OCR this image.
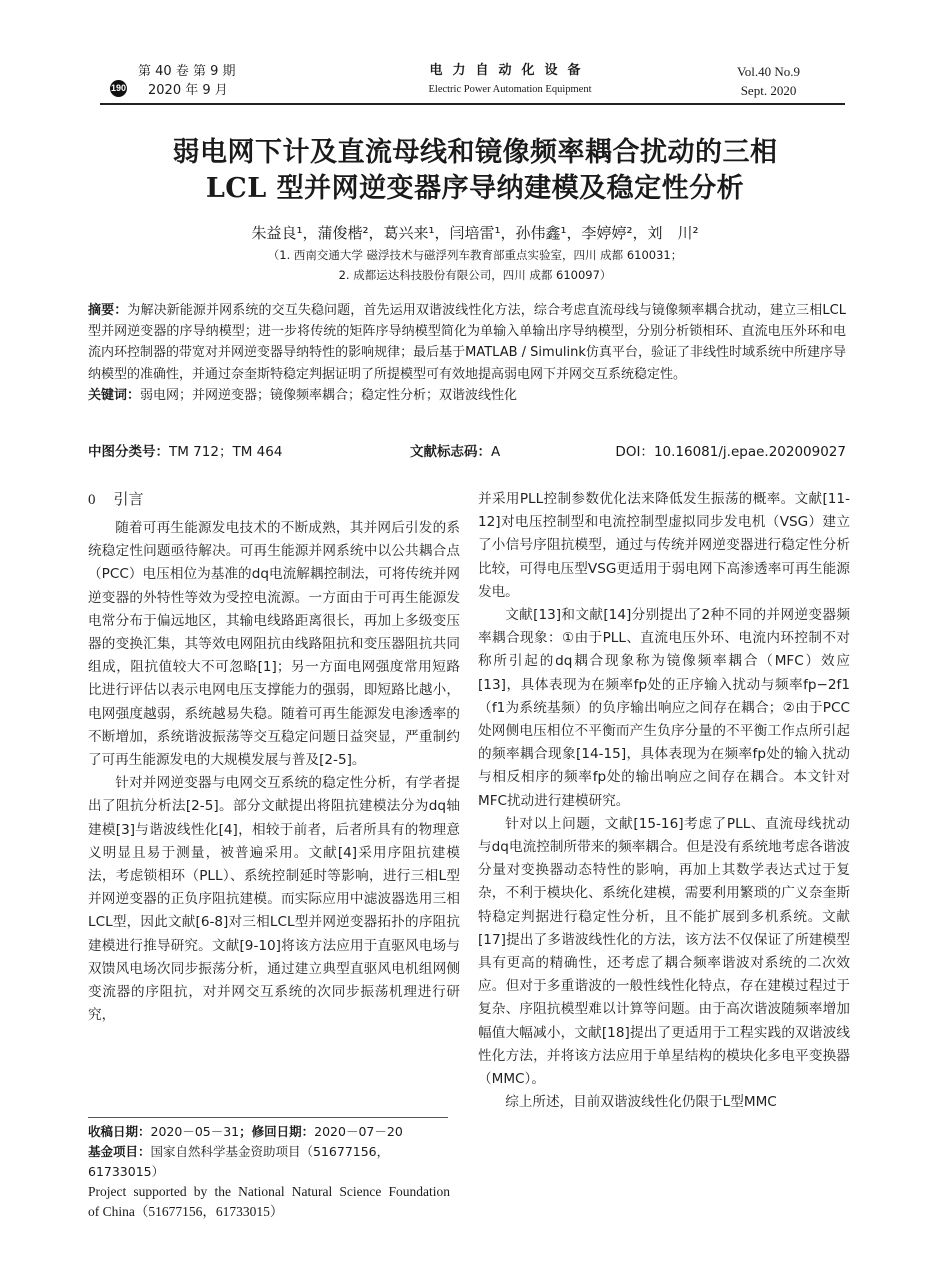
190
第 40 卷 第 9 期
2020 年 9 月
电力自动化设备
Electric Power Automation Equipment
Vol.40 No.9
Sept. 2020
弱电网下计及直流母线和镜像频率耦合扰动的三相
LCL 型并网逆变器序导纳建模及稳定性分析
朱益良¹，蒲俊楷²，葛兴来¹，闫培雷¹，孙伟鑫¹，李婷婷²，刘　川²
（1. 西南交通大学 磁浮技术与磁浮列车教育部重点实验室，四川 成都 610031；
2. 成都运达科技股份有限公司，四川 成都 610097）
摘要：为解决新能源并网系统的交互失稳问题，首先运用双谐波线性化方法，综合考虑直流母线与镜像频率耦合扰动，建立三相LCL型并网逆变器的序导纳模型；进一步将传统的矩阵序导纳模型简化为单输入单输出序导纳模型，分别分析锁相环、直流电压外环和电流内环控制器的带宽对并网逆变器导纳特性的影响规律；最后基于MATLAB / Simulink仿真平台，验证了非线性时域系统中所建序导纳模型的准确性，并通过奈奎斯特稳定判据证明了所提模型可有效地提高弱电网下并网交互系统稳定性。
关键词：弱电网；并网逆变器；镜像频率耦合；稳定性分析；双谐波线性化
中图分类号：TM 712；TM 464	文献标志码：A	DOI：10.16081/j.epae.202009027
0 引言

随着可再生能源发电技术的不断成熟，其并网后引发的系统稳定性问题亟待解决。可再生能源并网系统中以公共耦合点（PCC）电压相位为基准的dq电流解耦控制法，可将传统并网逆变器的外特性等效为受控电流源。一方面由于可再生能源发电常分布于偏远地区，其输电线路距离很长，再加上多级变压器的变换汇集，其等效电网阻抗由线路阻抗和变压器阻抗共同组成，阻抗值较大不可忽略[1]；另一方面电网强度常用短路比进行评估以表示电网电压支撑能力的强弱，即短路比越小，电网强度越弱，系统越易失稳。随着可再生能源发电渗透率的不断增加，系统谐波振荡等交互稳定问题日益突显，严重制约了可再生能源发电的大规模发展与普及[2-5]。

针对并网逆变器与电网交互系统的稳定性分析，有学者提出了阻抗分析法[2-5]。部分文献提出将阻抗建模法分为dq轴建模[3]与谐波线性化[4]，相较于前者，后者所具有的物理意义明显且易于测量，被普遍采用。文献[4]采用序阻抗建模法，考虑锁相环（PLL）、系统控制延时等影响，进行三相L型并网逆变器的正负序阻抗建模。而实际应用中滤波器选用三相LCL型，因此文献[6-8]对三相LCL型并网逆变器拓扑的序阻抗建模进行推导研究。文献[9-10]将该方法应用于直驱风电场与双馈风电场次同步振荡分析，通过建立典型直驱风电机组网侧变流器的序阻抗，对并网交互系统的次同步振荡机理进行研究，

收稿日期：2020－05－31；修回日期：2020－07－20
基金项目：国家自然科学基金资助项目（51677156，61733015）
Project supported by the National Natural Science Foundation
of China（51677156，61733015）

并采用PLL控制参数优化法来降低发生振荡的概率。文献[11-12]对电压控制型和电流控制型虚拟同步发电机（VSG）建立了小信号序阻抗模型，通过与传统并网逆变器进行稳定性分析比较，可得电压型VSG更适用于弱电网下高渗透率可再生能源发电。

文献[13]和文献[14]分别提出了2种不同的并网逆变器频率耦合现象：①由于PLL、直流电压外环、电流内环控制不对称所引起的dq耦合现象称为镜像频率耦合（MFC）效应[13]，具体表现为在频率fp处的正序输入扰动与频率fp−2f1（f1为系统基频）的负序输出响应之间存在耦合；②由于PCC处网侧电压相位不平衡而产生负序分量的不平衡工作点所引起的频率耦合现象[14-15]，具体表现为在频率fp处的输入扰动与相反相序的频率fp处的输出响应之间存在耦合。本文针对MFC扰动进行建模研究。

针对以上问题，文献[15-16]考虑了PLL、直流母线扰动与dq电流控制所带来的频率耦合。但是没有系统地考虑各谐波分量对变换器动态特性的影响，再加上其数学表达式过于复杂，不利于模块化、系统化建模，需要利用繁琐的广义奈奎斯特稳定判据进行稳定性分析，且不能扩展到多机系统。文献[17]提出了多谐波线性化的方法，该方法不仅保证了所建模型具有更高的精确性，还考虑了耦合频率谐波对系统的二次效应。但对于多重谐波的一般性线性化特点，存在建模过程过于复杂、序阻抗模型难以计算等问题。由于高次谐波随频率增加幅值大幅减小，文献[18]提出了更适用于工程实践的双谐波线性化方法，并将该方法应用于单星结构的模块化多电平变换器（MMC）。

综上所述，目前双谐波线性化仍限于L型MMC
